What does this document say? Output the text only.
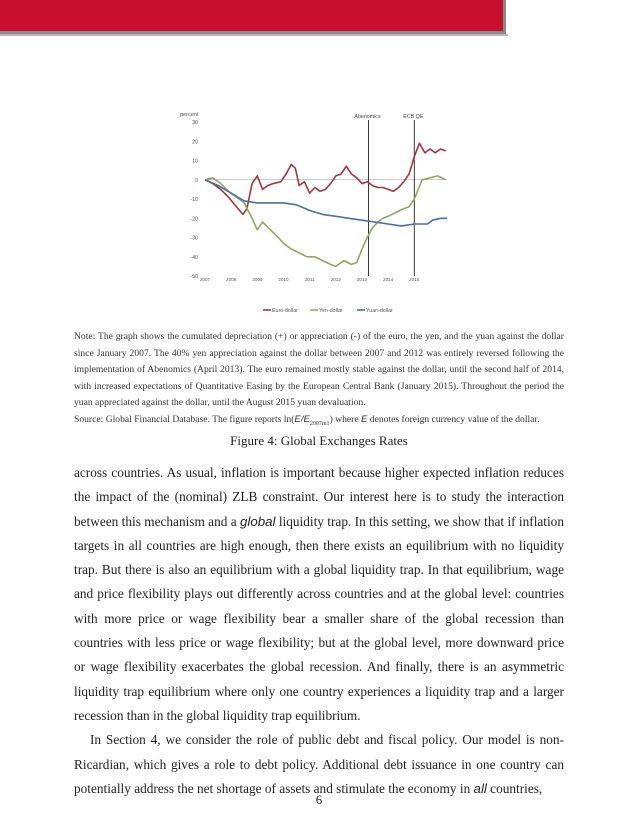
percent
30
20
10
0
-10
-20
-30
-40
-50 2007	2008	2009	2010	2011	2012	2013	2014	2015
Abenomics	ECB QE
Euro-dollar	Yen-dollar	Yuan-dollar

Note: The graph shows the cumulated depreciation (+) or appreciation (-) of the euro, the yen, and the yuan against the dollar since January 2007. The 40% yen appreciation against the dollar between 2007 and 2012 was entirely reversed following the implementation of Abenomics (April 2013). The euro remained mostly stable against the dollar, until the second half of 2014, with increased expectations of Quantitative Easing by the European Central Bank (January 2015). Throughout the period the yuan appreciated against the dollar, until the August 2015 yuan devaluation.

Source: Global Financial Database. The figure reports $\ln(E/E_{2007m1})$ where E denotes foreign currency value of the dollar.

Figure 4: Global Exchanges Rates

across countries. As usual, inflation is important because higher expected inflation reduces the impact of the (nominal) ZLB constraint. Our interest here is to study the interaction between this mechanism and a global liquidity trap. In this setting, we show that if inflation targets in all countries are high enough, then there exists an equilibrium with no liquidity trap. But there is also an equilibrium with a global liquidity trap. In that equilibrium, wage and price flexibility plays out differently across countries and at the global level: countries with more price or wage flexibility bear a smaller share of the global recession than countries with less price or wage flexibility; but at the global level, more downward price or wage flexibility exacerbates the global recession. And finally, there is an asymmetric liquidity trap equilibrium where only one country experiences a liquidity trap and a larger recession than in the global liquidity trap equilibrium.

In Section 4, we consider the role of public debt and fiscal policy. Our model is non-Ricardian, which gives a role to debt policy. Additional debt issuance in one country can potentially address the net shortage of assets and stimulate the economy in all countries,

6
